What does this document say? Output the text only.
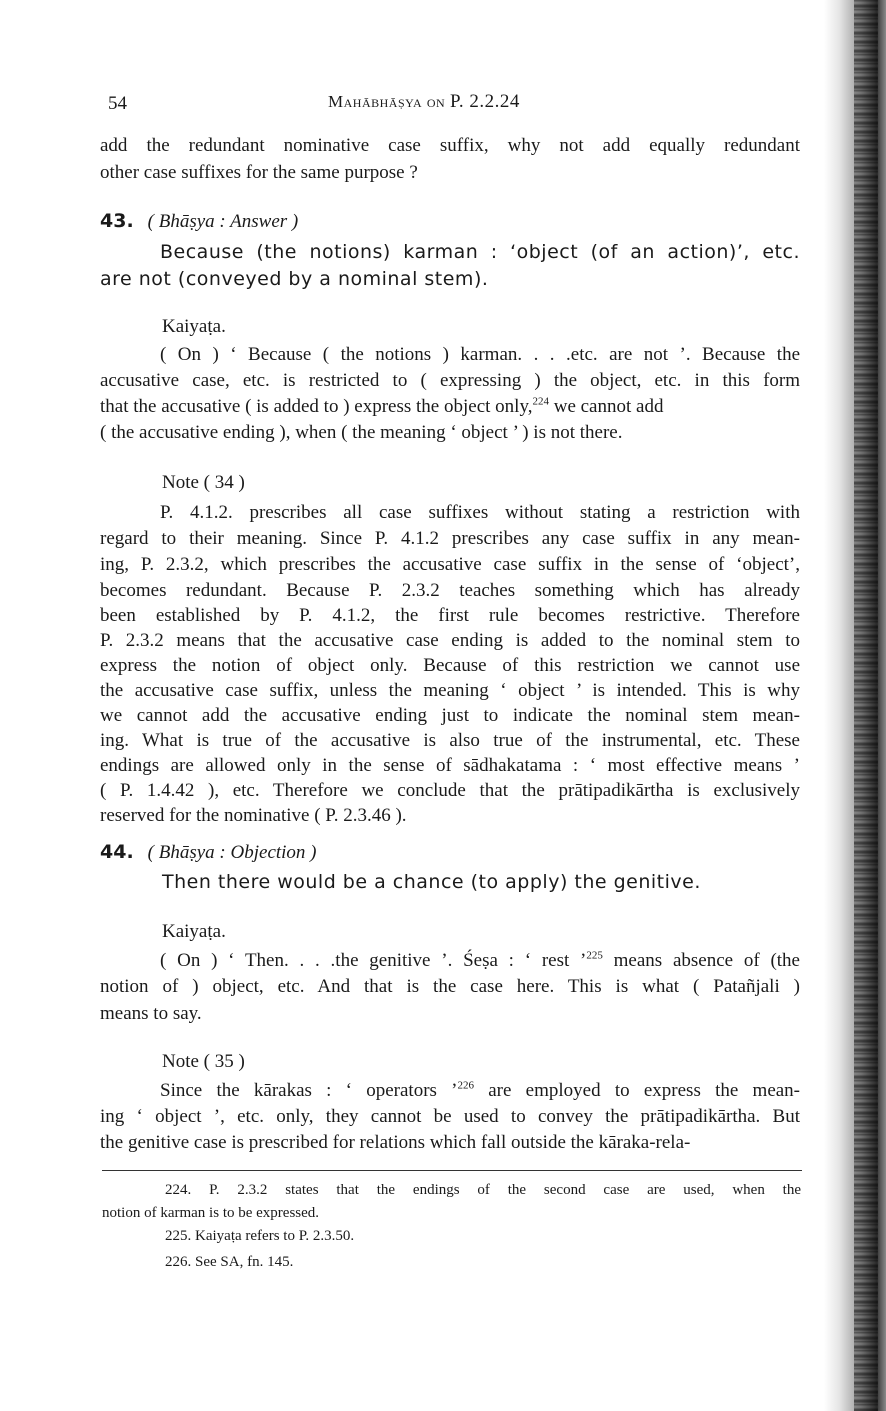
54	Mahābhāṣya on P. 2.2.24
add the redundant nominative case suffix, why not add equally redundant
other case suffixes for the same purpose ?
43. ( Bhāṣya : Answer )
Because (the notions) karman : ‘object (of an action)’, etc.
are not (conveyed by a nominal stem).
Kaiyaṭa.
( On ) ‘ Because ( the notions ) karman. . . .etc. are not ’. Because the
accusative case, etc. is restricted to ( expressing ) the object, etc. in this form
that the accusative ( is added to ) express the object only,$^{224}$ we cannot add
( the accusative ending ), when ( the meaning ‘ object ’ ) is not there.
Note ( 34 )
P. 4.1.2. prescribes all case suffixes without stating a restriction with
regard to their meaning. Since P. 4.1.2 prescribes any case suffix in any mean-
ing, P. 2.3.2, which prescribes the accusative case suffix in the sense of ‘object’,
becomes redundant. Because P. 2.3.2 teaches something which has already
been established by P. 4.1.2, the first rule becomes restrictive. Therefore
P. 2.3.2 means that the accusative case ending is added to the nominal stem to
express the notion of object only. Because of this restriction we cannot use
the accusative case suffix, unless the meaning ‘ object ’ is intended. This is why
we cannot add the accusative ending just to indicate the nominal stem mean-
ing. What is true of the accusative is also true of the instrumental, etc. These
endings are allowed only in the sense of sādhakatama : ‘ most effective means ’
( P. 1.4.42 ), etc. Therefore we conclude that the prātipadikārtha is exclusively
reserved for the nominative ( P. 2.3.46 ).
44. ( Bhāṣya : Objection )
Then there would be a chance (to apply) the genitive.
Kaiyaṭa.
( On ) ‘ Then. . . .the genitive ’. Śeṣa : ‘ rest ’$^{225}$ means absence of (the
notion of ) object, etc. And that is the case here. This is what ( Patañjali )
means to say.
Note ( 35 )
Since the kārakas : ‘ operators ’$^{226}$ are employed to express the mean-
ing ‘ object ’, etc. only, they cannot be used to convey the prātipadikārtha. But
the genitive case is prescribed for relations which fall outside the kāraka-rela-
224. P. 2.3.2 states that the endings of the second case are used, when the
notion of karman is to be expressed.
225. Kaiyaṭa refers to P. 2.3.50.
226. See SA, fn. 145.
